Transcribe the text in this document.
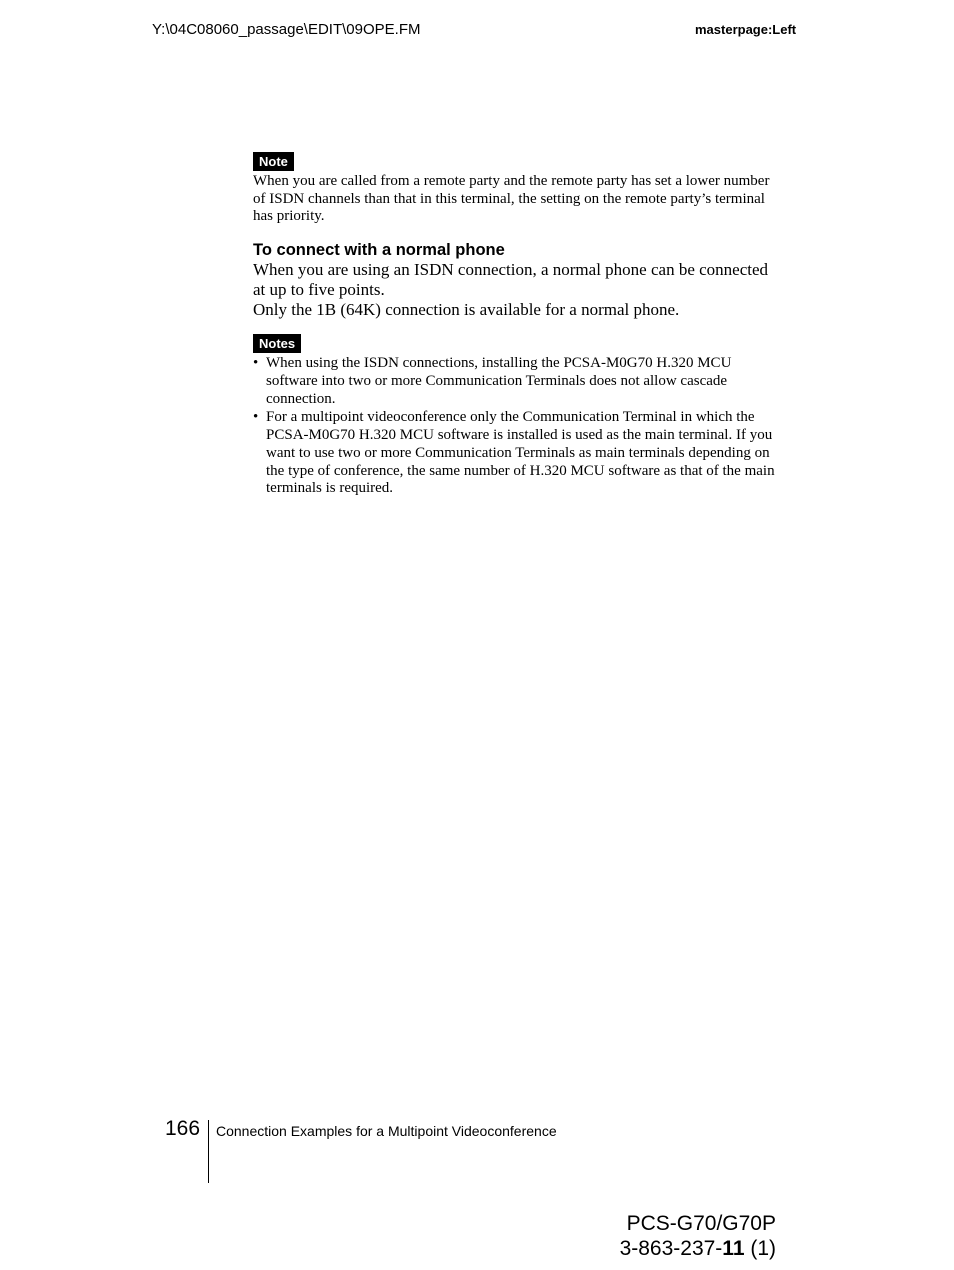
Y:\04C08060_passage\EDIT\09OPE.FM	masterpage:Left
Note

When you are called from a remote party and the remote party has set a lower number of ISDN channels than that in this terminal, the setting on the remote party’s terminal has priority.

To connect with a normal phone

When you are using an ISDN connection, a normal phone can be connected at up to five points.

Only the 1B (64K) connection is available for a normal phone.

Notes
• When using the ISDN connections, installing the PCSA-M0G70 H.320 MCU software into two or more Communication Terminals does not allow cascade connection.
• For a multipoint videoconference only the Communication Terminal in which the PCSA-M0G70 H.320 MCU software is installed is used as the main terminal. If you want to use two or more Communication Terminals as main terminals depending on the type of conference, the same number of H.320 MCU software as that of the main terminals is required.
166 Connection Examples for a Multipoint Videoconference
PCS-G70/G70P
3-863-237-11 (1)
